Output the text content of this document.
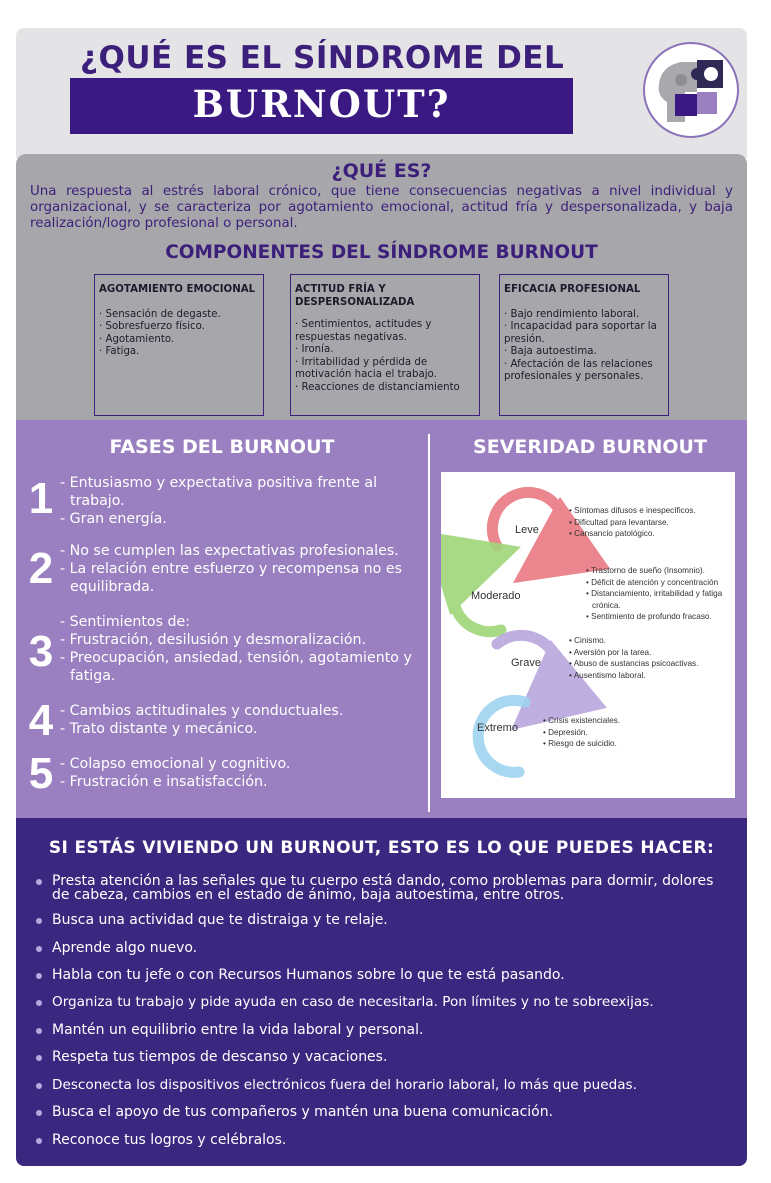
¿QUÉ ES EL SÍNDROME DEL
BURNOUT?
¿QUÉ ES?
Una respuesta al estrés laboral crónico, que tiene consecuencias negativas a nivel individual y organizacional, y se caracteriza por agotamiento emocional, actitud fría y despersonalizada, y baja realización/logro profesional o personal.
COMPONENTES DEL SÍNDROME BURNOUT
AGOTAMIENTO EMOCIONAL
· Sensación de degaste.
· Sobresfuerzo físico.
· Agotamiento.
· Fatiga.
ACTITUD FRÍA Y DESPERSONALIZADA
· Sentimientos, actitudes y respuestas negativas.
· Ironía.
· Irritabilidad y pérdida de motivación hacia el trabajo.
· Reacciones de distanciamiento
EFICACIA PROFESIONAL
· Bajo rendimiento laboral.
· Incapacidad para soportar la presión.
· Baja autoestima.
· Afectación de las relaciones profesionales y personales.
FASES DEL BURNOUT
1 - Entusiasmo y expectativa positiva frente al trabajo.
- Gran energía.
2 - No se cumplen las expectativas profesionales.
- La relación entre esfuerzo y recompensa no es equilibrada.
3
- Sentimientos de:
- Frustración, desilusión y desmoralización.
- Preocupación, ansiedad, tensión, agotamiento y fatiga.
4 - Cambios actitudinales y conductuales.
- Trato distante y mecánico.
5 - Colapso emocional y cognitivo.
- Frustración e insatisfacción.
SEVERIDAD BURNOUT
Leve
Moderado
Grave
Extremo
• Síntomas difusos e inespecíficos.
• Dificultad para levantarse.
• Cansancio patológico.
• Trastorno de sueño (Insomnio).
• Déficit de atención y concentración
• Distanciamiento, irritabilidad y fatiga crónica.
• Sentimiento de profundo fracaso.
• Cinismo.
• Aversión por la tarea.
• Abuso de sustancias psicoactivas.
• Ausentismo laboral.
• Crisis existenciales.
• Depresión.
• Riesgo de suicidio.
SI ESTÁS VIVIENDO UN BURNOUT, ESTO ES LO QUE PUEDES HACER:
Presta atención a las señales que tu cuerpo está dando, como problemas para dormir, dolores de cabeza, cambios en el estado de ánimo, baja autoestima, entre otros.
Busca una actividad que te distraiga y te relaje.
Aprende algo nuevo.
Habla con tu jefe o con Recursos Humanos sobre lo que te está pasando.
Organiza tu trabajo y pide ayuda en caso de necesitarla. Pon límites y no te sobreexijas.
Mantén un equilibrio entre la vida laboral y personal.
Respeta tus tiempos de descanso y vacaciones.
Desconecta los dispositivos electrónicos fuera del horario laboral, lo más que puedas.
Busca el apoyo de tus compañeros y mantén una buena comunicación.
Reconoce tus logros y celébralos.
